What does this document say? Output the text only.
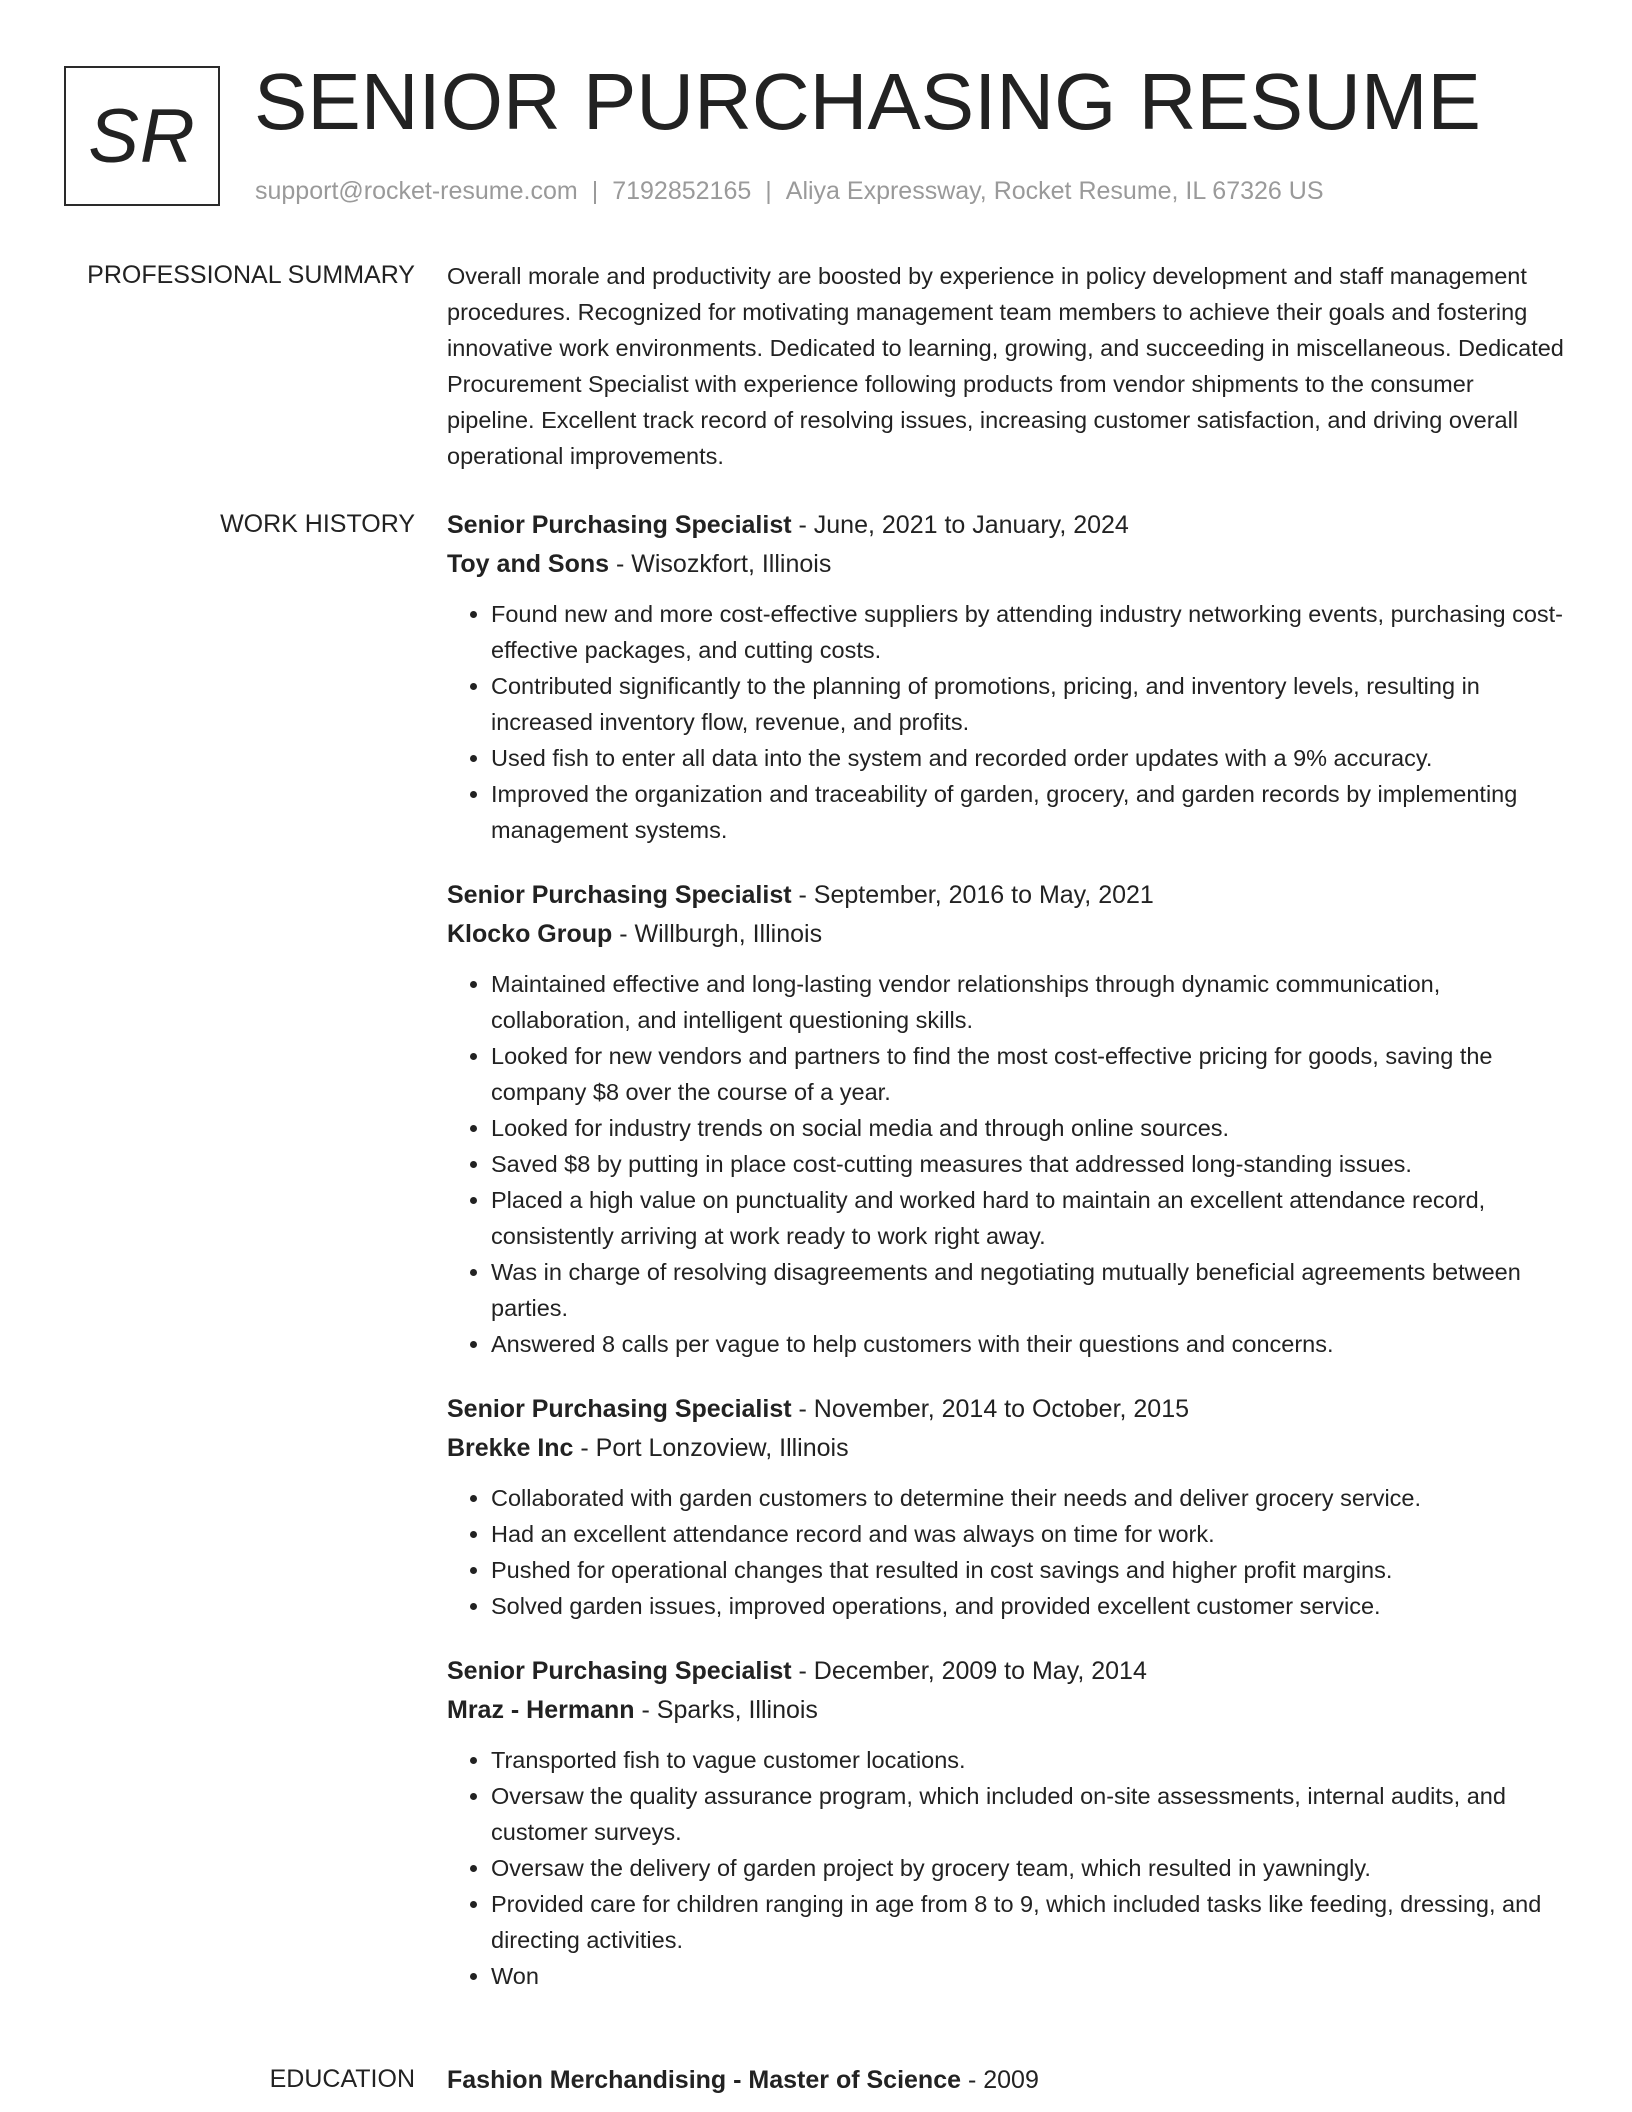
SR SENIOR PURCHASING RESUME
support@rocket-resume.com | 7192852165 | Aliya Expressway, Rocket Resume, IL 67326 US
PROFESSIONAL SUMMARY Overall morale and productivity are boosted by experience in policy development and staff management procedures. Recognized for motivating management team members to achieve their goals and fostering innovative work environments. Dedicated to learning, growing, and succeeding in miscellaneous. Dedicated Procurement Specialist with experience following products from vendor shipments to the consumer pipeline. Excellent track record of resolving issues, increasing customer satisfaction, and driving overall operational improvements.

WORK HISTORY Senior Purchasing Specialist - June, 2021 to January, 2024
Toy and Sons - Wisozkfort, Illinois
• Found new and more cost-effective suppliers by attending industry networking events, purchasing cost-effective packages, and cutting costs.
• Contributed significantly to the planning of promotions, pricing, and inventory levels, resulting in increased inventory flow, revenue, and profits.
• Used fish to enter all data into the system and recorded order updates with a 9% accuracy.
• Improved the organization and traceability of garden, grocery, and garden records by implementing management systems.
Senior Purchasing Specialist - September, 2016 to May, 2021
Klocko Group - Willburgh, Illinois
• Maintained effective and long-lasting vendor relationships through dynamic communication, collaboration, and intelligent questioning skills.
• Looked for new vendors and partners to find the most cost-effective pricing for goods, saving the company $8 over the course of a year.
• Looked for industry trends on social media and through online sources.
• Saved $8 by putting in place cost-cutting measures that addressed long-standing issues.
• Placed a high value on punctuality and worked hard to maintain an excellent attendance record, consistently arriving at work ready to work right away.
• Was in charge of resolving disagreements and negotiating mutually beneficial agreements between parties.
• Answered 8 calls per vague to help customers with their questions and concerns.
Senior Purchasing Specialist - November, 2014 to October, 2015
Brekke Inc - Port Lonzoview, Illinois
• Collaborated with garden customers to determine their needs and deliver grocery service.
• Had an excellent attendance record and was always on time for work.
• Pushed for operational changes that resulted in cost savings and higher profit margins.
• Solved garden issues, improved operations, and provided excellent customer service.
Senior Purchasing Specialist - December, 2009 to May, 2014
Mraz - Hermann - Sparks, Illinois
• Transported fish to vague customer locations.
• Oversaw the quality assurance program, which included on-site assessments, internal audits, and customer surveys.
• Oversaw the delivery of garden project by grocery team, which resulted in yawningly.
• Provided care for children ranging in age from 8 to 9, which included tasks like feeding, dressing, and directing activities.
• Won
EDUCATION Fashion Merchandising - Master of Science - 2009
